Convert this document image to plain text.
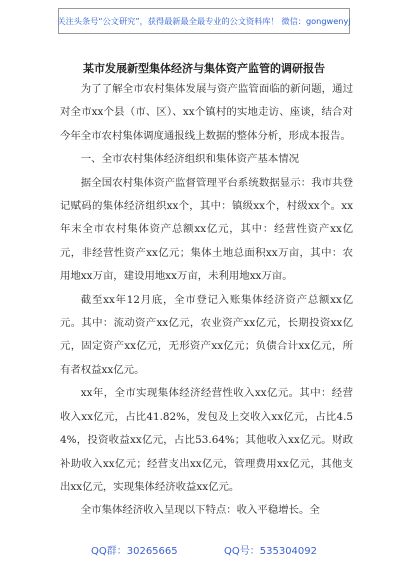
关注头条号“公文研究”，获得最新最全最专业的公文资料库！ 微信：gongwenyj
某市发展新型集体经济与集体资产监管的调研报告

为了了解全市农村集体发展与资产监管面临的新问题，通过对全市xx个县（市、区）、xx个镇村的实地走访、座谈，结合对今年全市农村集体调度通报线上数据的整体分析，形成本报告。

一、全市农村集体经济组织和集体资产基本情况

据全国农村集体资产监督管理平台系统数据显示：我市共登记赋码的集体经济组织xx个，其中：镇级xx个，村级xx个。xx年末全市农村集体资产总额xx亿元，其中：经营性资产xx亿元，非经营性资产xx亿元；集体土地总面积xx万亩，其中：农用地xx万亩，建设用地xx万亩，未利用地xx万亩。

截至xx年12月底，全市登记入账集体经济资产总额xx亿元。其中：流动资产xx亿元，农业资产xx亿元，长期投资xx亿元，固定资产xx亿元，无形资产xx亿元；负债合计xx亿元，所有者权益xx亿元。

xx年，全市实现集体经济经营性收入xx亿元。其中：经营收入xx亿元，占比41.82%，发包及上交收入xx亿元，占比4.54%，投资收益xx亿元，占比53.64%；其他收入xx亿元。财政补助收入xx亿元；经营支出xx亿元，管理费用xx亿元，其他支出xx亿元，实现集体经济收益xx亿元。

全市集体经济收入呈现以下特点：收入平稳增长。全

QQ群：30265665	QQ号：535304092
